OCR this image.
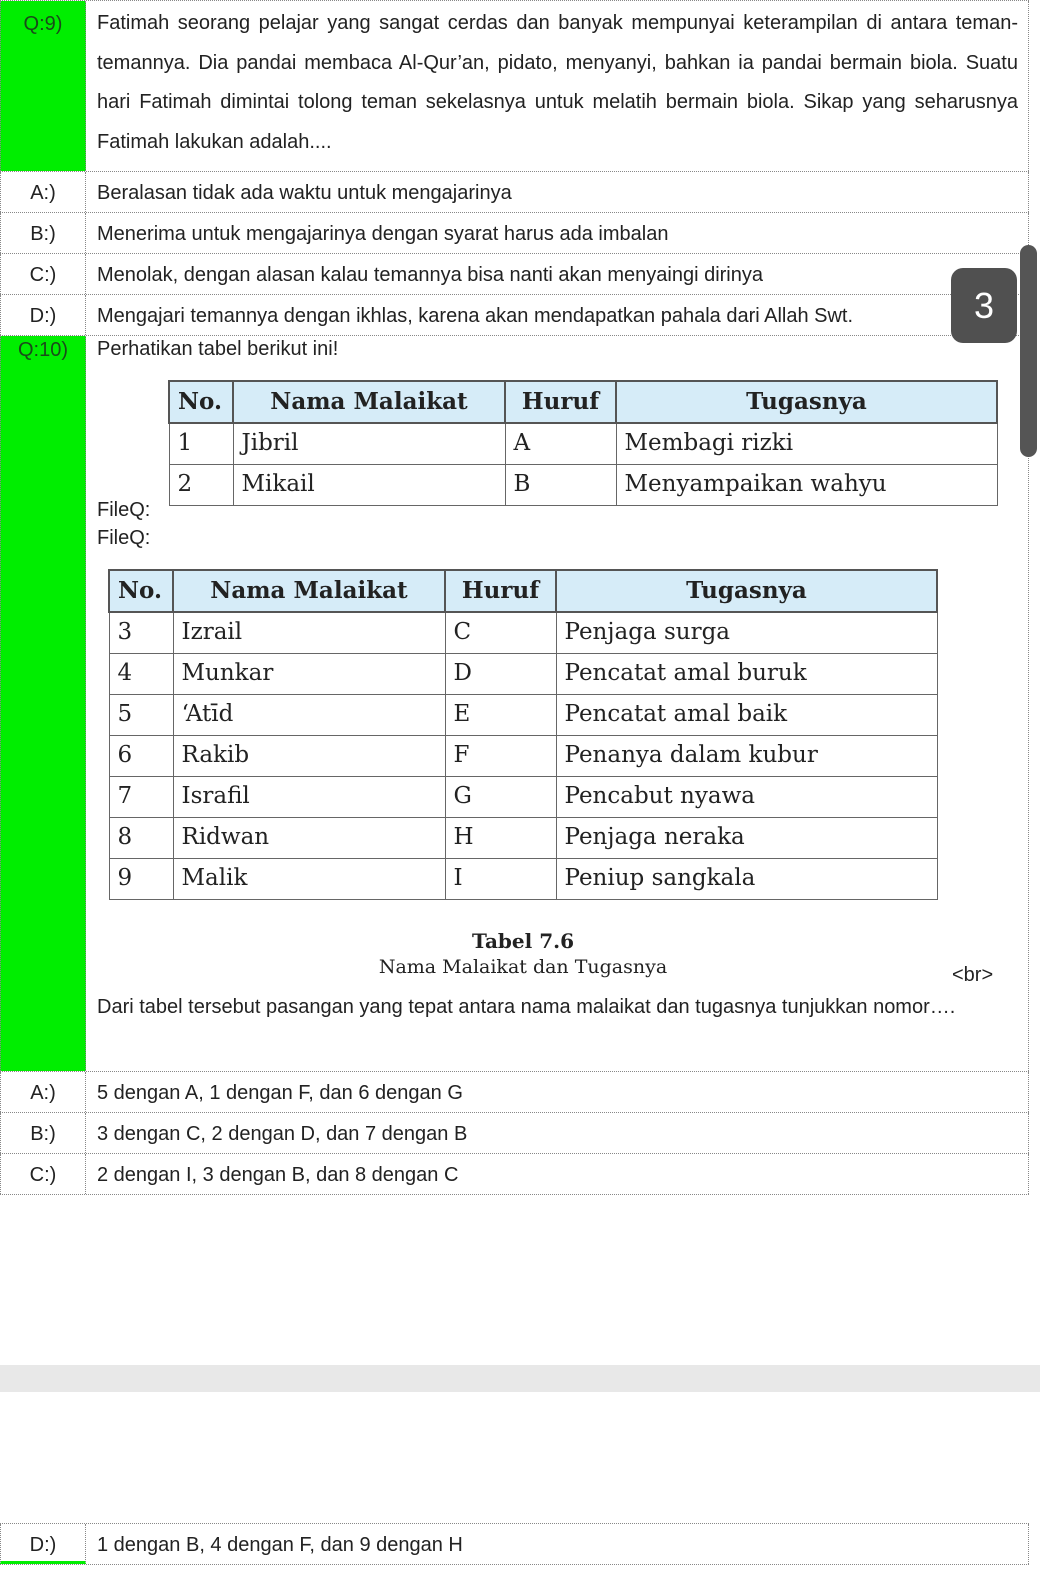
Q:9)	Fatimah seorang pelajar yang sangat cerdas dan banyak mempunyai keterampilan di antara teman-temannya. Dia pandai membaca Al-Qur’an, pidato, menyanyi, bahkan ia pandai bermain biola. Suatu hari Fatimah dimintai tolong teman sekelasnya untuk melatih bermain biola. Sikap yang seharusnya Fatimah lakukan adalah....
A:)	Beralasan tidak ada waktu untuk mengajarinya
B:)	Menerima untuk mengajarinya dengan syarat harus ada imbalan
C:)	Menolak, dengan alasan kalau temannya bisa nanti akan menyaingi dirinya
D:)	Mengajari temannya dengan ikhlas, karena akan mendapatkan pahala dari Allah Swt.
Q:10)	Perhatikan tabel berikut ini!
No.	Nama Malaikat	Huruf	Tugasnya
1	Jibril	A	Membagi rizki
2	Mikail	B	Menyampaikan wahyu
FileQ:
FileQ:
No.	Nama Malaikat	Huruf	Tugasnya
3	Izrail	C	Penjaga surga
4	Munkar	D	Pencatat amal buruk
5	‘Atīd	E	Pencatat amal baik
6	Rakib	F	Penanya dalam kubur
7	Israfil	G	Pencabut nyawa
8	Ridwan	H	Penjaga neraka
9	Malik	I	Peniup sangkala
Tabel 7.6
Nama Malaikat dan Tugasnya	<br>
Dari tabel tersebut pasangan yang tepat antara nama malaikat dan tugasnya tunjukkan nomor….
A:)	5 dengan A, 1 dengan F, dan 6 dengan G
B:)	3 dengan C, 2 dengan D, dan 7 dengan B
C:)	2 dengan I, 3 dengan B, dan 8 dengan C
D:)	1 dengan B, 4 dengan F, dan 9 dengan H
3
